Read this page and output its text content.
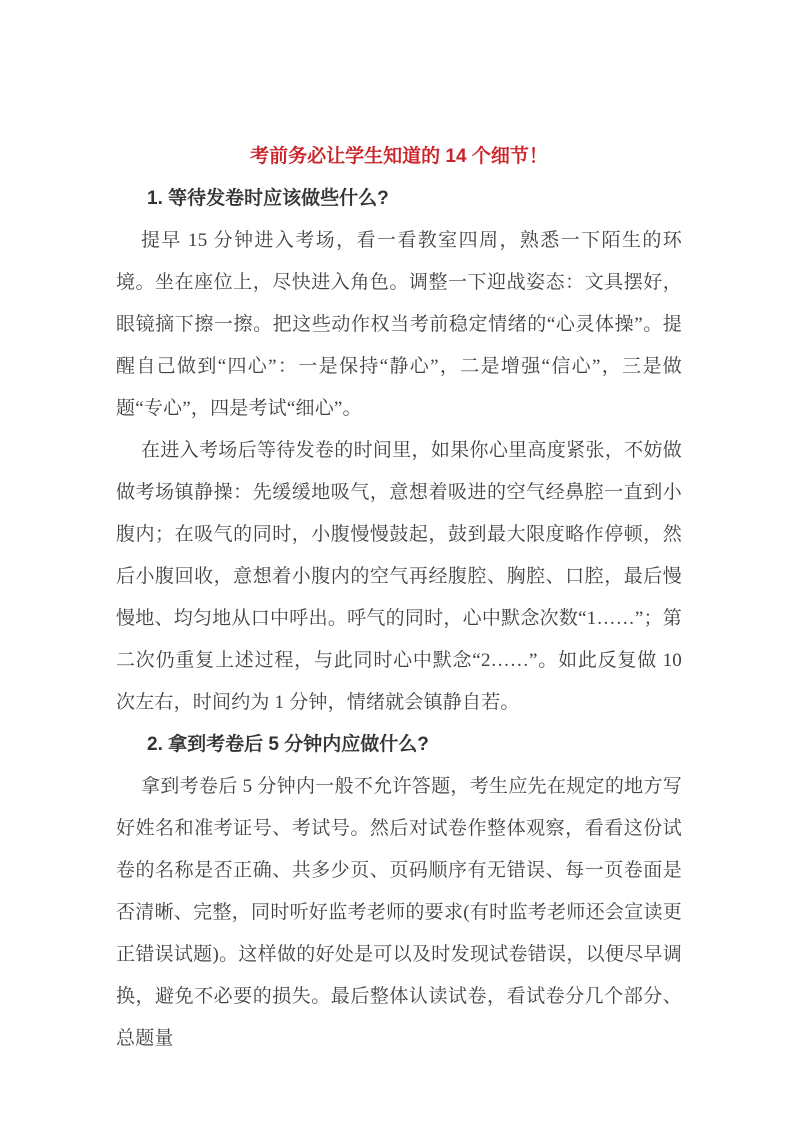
考前务必让学生知道的 14 个细节！
1. 等待发卷时应该做些什么?

提早 15 分钟进入考场，看一看教室四周，熟悉一下陌生的环境。坐在座位上，尽快进入角色。调整一下迎战姿态：文具摆好，眼镜摘下擦一擦。把这些动作权当考前稳定情绪的“心灵体操”。提醒自己做到“四心”：一是保持“静心”，二是增强“信心”，三是做题“专心”，四是考试“细心”。

在进入考场后等待发卷的时间里，如果你心里高度紧张，不妨做做考场镇静操：先缓缓地吸气，意想着吸进的空气经鼻腔一直到小腹内；在吸气的同时，小腹慢慢鼓起，鼓到最大限度略作停顿，然后小腹回收，意想着小腹内的空气再经腹腔、胸腔、口腔，最后慢慢地、均匀地从口中呼出。呼气的同时，心中默念次数“1……”；第二次仍重复上述过程，与此同时心中默念“2……”。如此反复做 10 次左右，时间约为 1 分钟，情绪就会镇静自若。

2. 拿到考卷后 5 分钟内应做什么?

拿到考卷后 5 分钟内一般不允许答题，考生应先在规定的地方写好姓名和准考证号、考试号。然后对试卷作整体观察，看看这份试卷的名称是否正确、共多少页、页码顺序有无错误、每一页卷面是否清晰、完整，同时听好监考老师的要求(有时监考老师还会宣读更正错误试题)。这样做的好处是可以及时发现试卷错误，以便尽早调换，避免不必要的损失。最后整体认读试卷，看试卷分几个部分、总题量
